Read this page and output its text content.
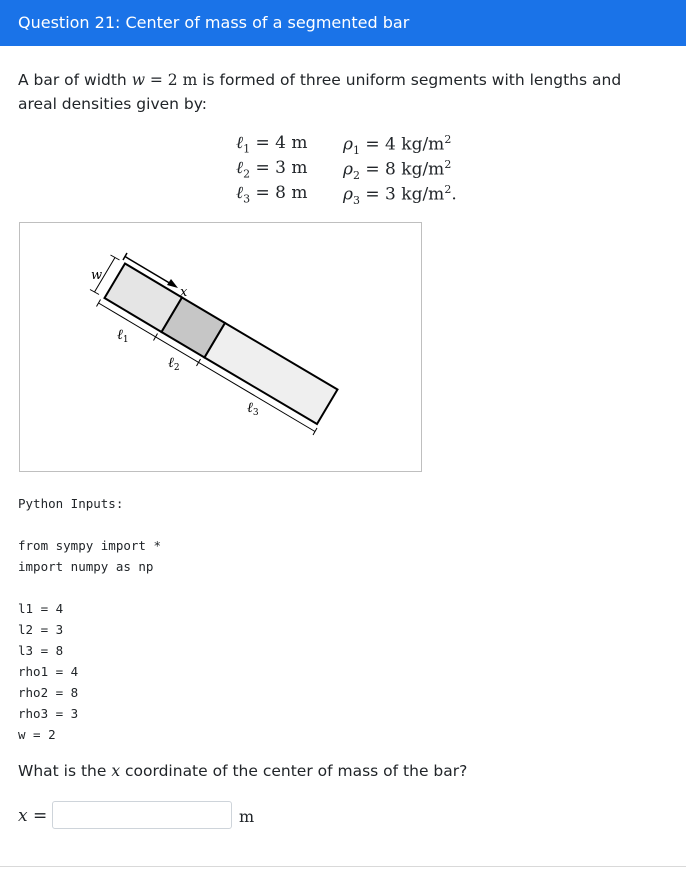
Question 21: Center of mass of a segmented bar
A bar of width w = 2 m is formed of three uniform segments with lengths and areal densities given by:
ℓ$_1$ = 4 m $\rho_1 = 4$ $kg/m^2$
ℓ$_2$ = 3 m $\rho_2 = 8$ $kg/m^2$
ℓ$_3$ = 8 m $\rho_3 = 3$ $kg/m^2$.
w
x
ℓ$_1$
ℓ$_2$
ℓ$_3$
Python Inputs:
from sympy import *
import numpy as np
l1 = 4
l2 = 3
l3 = 8
rho1 = 4
rho2 = 8
rho3 = 3
w = 2
What is the x coordinate of the center of mass of the bar?
x =	m
